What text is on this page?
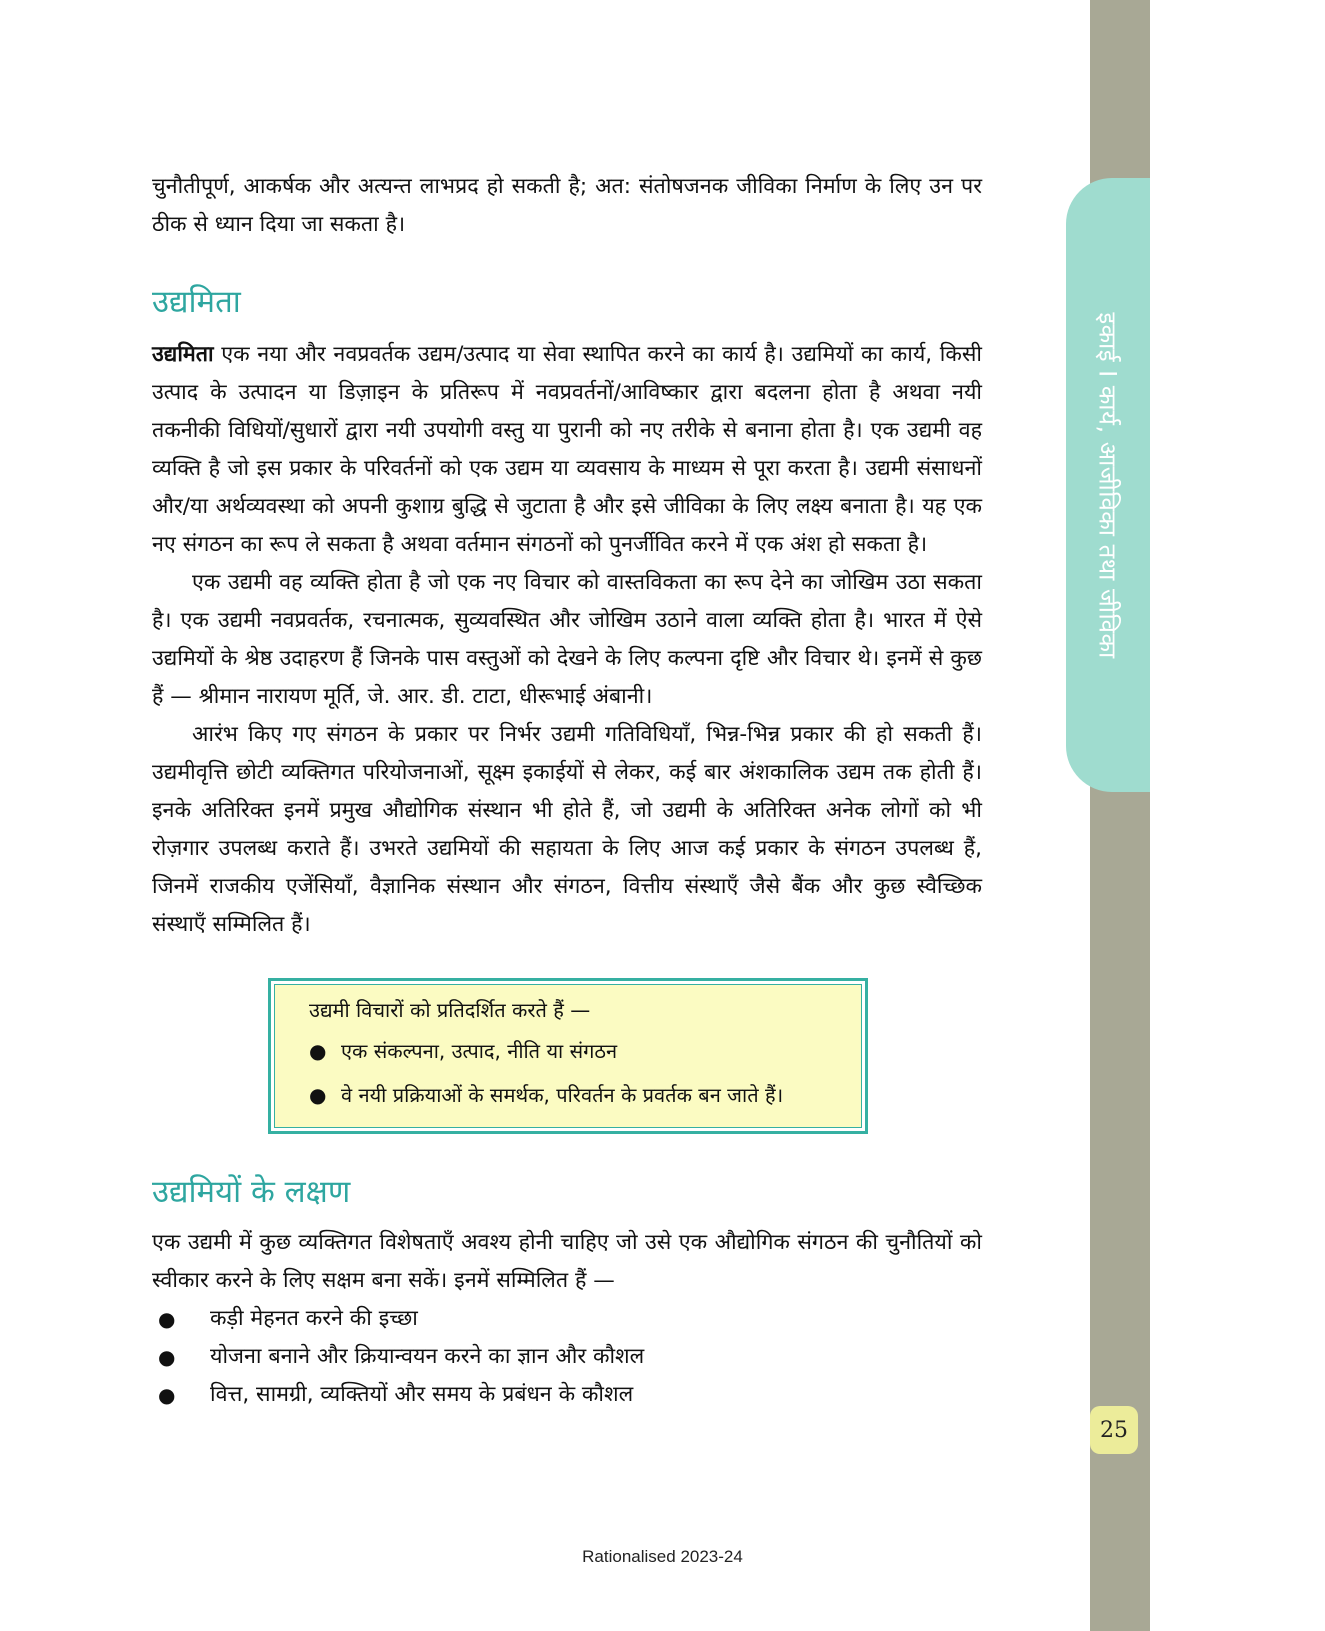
इकाई I कार्य, आजीविका तथा जीविका
25

चुनौतीपूर्ण, आकर्षक और अत्यन्त लाभप्रद हो सकती है; अत: संतोषजनक जीविका निर्माण के लिए उन पर ठीक से ध्यान दिया जा सकता है।

उद्यमिता

उद्यमिता एक नया और नवप्रवर्तक उद्यम/उत्पाद या सेवा स्थापित करने का कार्य है। उद्यमियों का कार्य, किसी उत्पाद के उत्पादन या डिज़ाइन के प्रतिरूप में नवप्रवर्तनों/आविष्कार द्वारा बदलना होता है अथवा नयी तकनीकी विधियों/सुधारों द्वारा नयी उपयोगी वस्तु या पुरानी को नए तरीके से बनाना होता है। एक उद्यमी वह व्यक्ति है जो इस प्रकार के परिवर्तनों को एक उद्यम या व्यवसाय के माध्यम से पूरा करता है। उद्यमी संसाधनों और/या अर्थव्यवस्था को अपनी कुशाग्र बुद्धि से जुटाता है और इसे जीविका के लिए लक्ष्य बनाता है। यह एक नए संगठन का रूप ले सकता है अथवा वर्तमान संगठनों को पुनर्जीवित करने में एक अंश हो सकता है।

एक उद्यमी वह व्यक्ति होता है जो एक नए विचार को वास्तविकता का रूप देने का जोखिम उठा सकता है। एक उद्यमी नवप्रवर्तक, रचनात्मक, सुव्यवस्थित और जोखिम उठाने वाला व्यक्ति होता है। भारत में ऐसे उद्यमियों के श्रेष्ठ उदाहरण हैं जिनके पास वस्तुओं को देखने के लिए कल्पना दृष्टि और विचार थे। इनमें से कुछ हैं — श्रीमान नारायण मूर्ति, जे. आर. डी. टाटा, धीरूभाई अंबानी।

आरंभ किए गए संगठन के प्रकार पर निर्भर उद्यमी गतिविधियाँ, भिन्न-भिन्न प्रकार की हो सकती हैं। उद्यमीवृत्ति छोटी व्यक्तिगत परियोजनाओं, सूक्ष्म इकाईयों से लेकर, कई बार अंशकालिक उद्यम तक होती हैं। इनके अतिरिक्त इनमें प्रमुख औद्योगिक संस्थान भी होते हैं, जो उद्यमी के अतिरिक्त अनेक लोगों को भी रोज़गार उपलब्ध कराते हैं। उभरते उद्यमियों की सहायता के लिए आज कई प्रकार के संगठन उपलब्ध हैं, जिनमें राजकीय एजेंसियाँ, वैज्ञानिक संस्थान और संगठन, वित्तीय संस्थाएँ जैसे बैंक और कुछ स्वैच्छिक संस्थाएँ सम्मिलित हैं।

उद्यमी विचारों को प्रतिदर्शित करते हैं —
● एक संकल्पना, उत्पाद, नीति या संगठन
● वे नयी प्रक्रियाओं के समर्थक, परिवर्तन के प्रवर्तक बन जाते हैं।
उद्यमियों के लक्षण

एक उद्यमी में कुछ व्यक्तिगत विशेषताएँ अवश्य होनी चाहिए जो उसे एक औद्योगिक संगठन की चुनौतियों को स्वीकार करने के लिए सक्षम बना सकें। इनमें सम्मिलित हैं —

●	कड़ी मेहनत करने की इच्छा
●	योजना बनाने और क्रियान्वयन करने का ज्ञान और कौशल
●	वित्त, सामग्री, व्यक्तियों और समय के प्रबंधन के कौशल
Rationalised 2023-24
